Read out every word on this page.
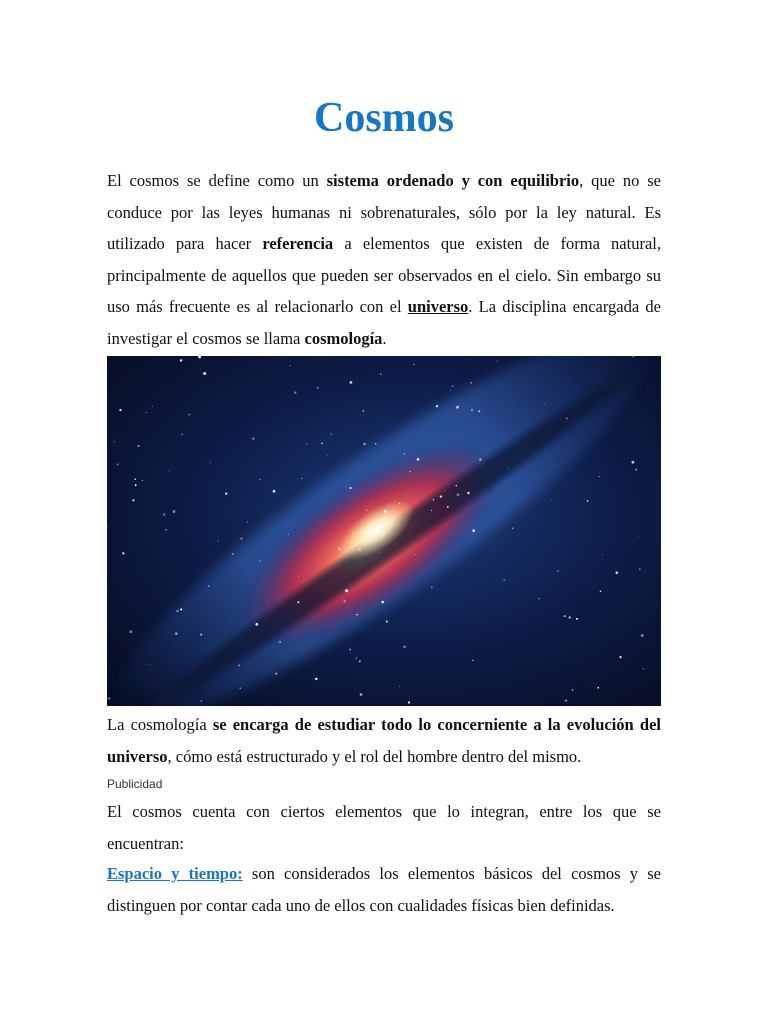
Cosmos

El cosmos se define como un sistema ordenado y con equilibrio, que no se conduce por las leyes humanas ni sobrenaturales, sólo por la ley natural. Es utilizado para hacer referencia a elementos que existen de forma natural, principalmente de aquellos que pueden ser observados en el cielo. Sin embargo su uso más frecuente es al relacionarlo con el universo. La disciplina encargada de investigar el cosmos se llama cosmología.

La cosmología se encarga de estudiar todo lo concerniente a la evolución del universo, cómo está estructurado y el rol del hombre dentro del mismo.

Publicidad

El cosmos cuenta con ciertos elementos que lo integran, entre los que se encuentran:

Espacio y tiempo: son considerados los elementos básicos del cosmos y se distinguen por contar cada uno de ellos con cualidades físicas bien definidas.
